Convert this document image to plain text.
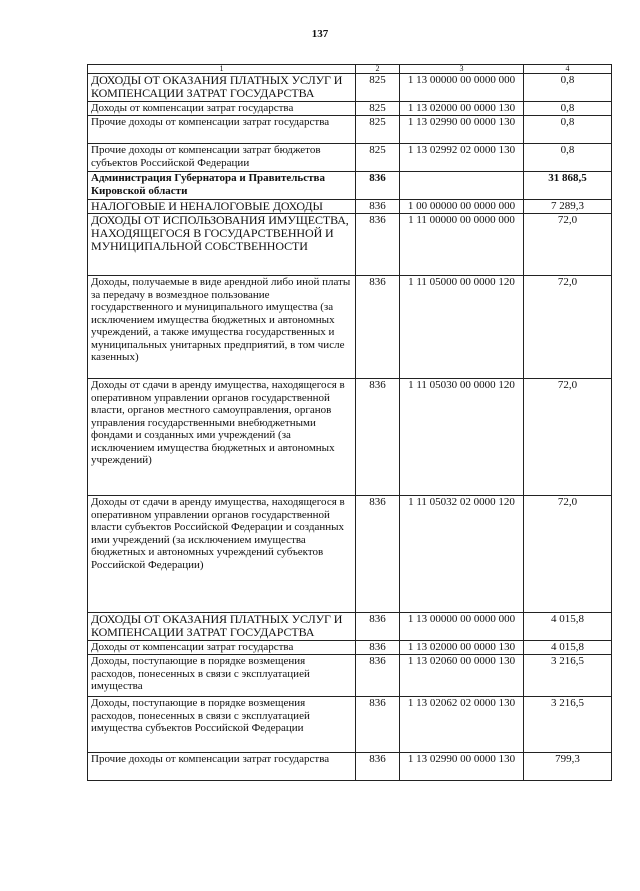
137
1	2	3	4
ДОХОДЫ ОТ ОКАЗАНИЯ ПЛАТНЫХ УСЛУГ И КОМПЕНСАЦИИ ЗАТРАТ ГОСУДАРСТВА	825	1 13 00000 00 0000 000	0,8
Доходы от компенсации затрат государства	825	1 13 02000 00 0000 130	0,8
Прочие доходы от компенсации затрат государства	825	1 13 02990 00 0000 130	0,8
Прочие доходы от компенсации затрат бюджетов субъектов Российской Федерации	825	1 13 02992 02 0000 130	0,8
Администрация Губернатора и Правительства Кировской области	836		31 868,5
НАЛОГОВЫЕ И НЕНАЛОГОВЫЕ ДОХОДЫ	836	1 00 00000 00 0000 000	7 289,3
ДОХОДЫ ОТ ИСПОЛЬЗОВАНИЯ ИМУЩЕСТВА, НАХОДЯЩЕГОСЯ В ГОСУДАРСТВЕННОЙ И МУНИЦИПАЛЬНОЙ СОБСТВЕННОСТИ	836	1 11 00000 00 0000 000	72,0
Доходы, получаемые в виде арендной либо иной платы за передачу в возмездное пользование государственного и муниципального имущества (за исключением имущества бюджетных и автономных учреждений, а также имущества государственных и муниципальных унитарных предприятий, в том числе казенных)	836	1 11 05000 00 0000 120	72,0
Доходы от сдачи в аренду имущества, находящегося в оперативном управлении органов государственной власти, органов местного самоуправления, органов управления государственными внебюджетными фондами и созданных ими учреждений (за исключением имущества бюджетных и автономных учреждений)	836	1 11 05030 00 0000 120	72,0
Доходы от сдачи в аренду имущества, находящегося в оперативном управлении органов государственной власти субъектов Российской Федерации и созданных ими учреждений (за исключением имущества бюджетных и автономных учреждений субъектов Российской Федерации)	836	1 11 05032 02 0000 120	72,0
ДОХОДЫ ОТ ОКАЗАНИЯ ПЛАТНЫХ УСЛУГ И КОМПЕНСАЦИИ ЗАТРАТ ГОСУДАРСТВА	836	1 13 00000 00 0000 000	4 015,8
Доходы от компенсации затрат государства	836	1 13 02000 00 0000 130	4 015,8
Доходы, поступающие в порядке возмещения расходов, понесенных в связи с эксплуатацией имущества	836	1 13 02060 00 0000 130	3 216,5
Доходы, поступающие в порядке возмещения расходов, понесенных в связи с эксплуатацией имущества субъектов Российской Федерации	836	1 13 02062 02 0000 130	3 216,5
Прочие доходы от компенсации затрат государства	836	1 13 02990 00 0000 130	799,3
